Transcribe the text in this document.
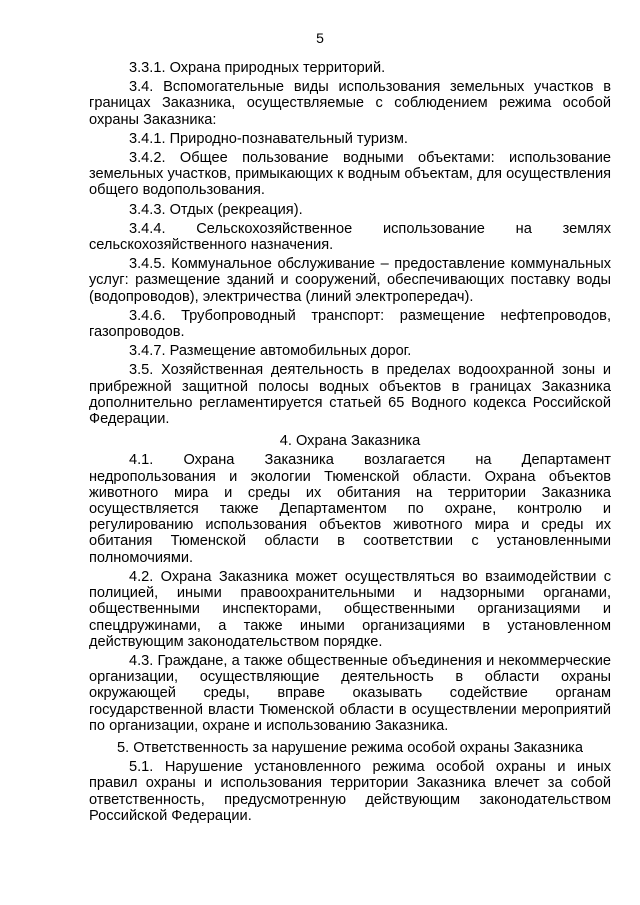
5

3.3.1. Охрана природных территорий.

3.4. Вспомогательные виды использования земельных участков в границах Заказника, осуществляемые с соблюдением режима особой охраны Заказника:

3.4.1. Природно-познавательный туризм.

3.4.2. Общее пользование водными объектами: использование земельных участков, примыкающих к водным объектам, для осуществления общего водопользования.

3.4.3. Отдых (рекреация).

3.4.4. Сельскохозяйственное использование на землях сельскохозяйственного назначения.

3.4.5. Коммунальное обслуживание – предоставление коммунальных услуг: размещение зданий и сооружений, обеспечивающих поставку воды (водопроводов), электричества (линий электропередач).

3.4.6. Трубопроводный транспорт: размещение нефтепроводов, газопроводов.

3.4.7. Размещение автомобильных дорог.

3.5. Хозяйственная деятельность в пределах водоохранной зоны и прибрежной защитной полосы водных объектов в границах Заказника дополнительно регламентируется статьей 65 Водного кодекса Российской Федерации.

4. Охрана Заказника

4.1. Охрана Заказника возлагается на Департамент недропользования и экологии Тюменской области. Охрана объектов животного мира и среды их обитания на территории Заказника осуществляется также Департаментом по охране, контролю и регулированию использования объектов животного мира и среды их обитания Тюменской области в соответствии с установленными полномочиями.

4.2. Охрана Заказника может осуществляться во взаимодействии с полицией, иными правоохранительными и надзорными органами, общественными инспекторами, общественными организациями и спецдружинами, а также иными организациями в установленном действующим законодательством порядке.

4.3. Граждане, а также общественные объединения и некоммерческие организации, осуществляющие деятельность в области охраны окружающей среды, вправе оказывать содействие органам государственной власти Тюменской области в осуществлении мероприятий по организации, охране и использованию Заказника.

5. Ответственность за нарушение режима особой охраны Заказника

5.1. Нарушение установленного режима особой охраны и иных правил охраны и использования территории Заказника влечет за собой ответственность, предусмотренную действующим законодательством Российской Федерации.
